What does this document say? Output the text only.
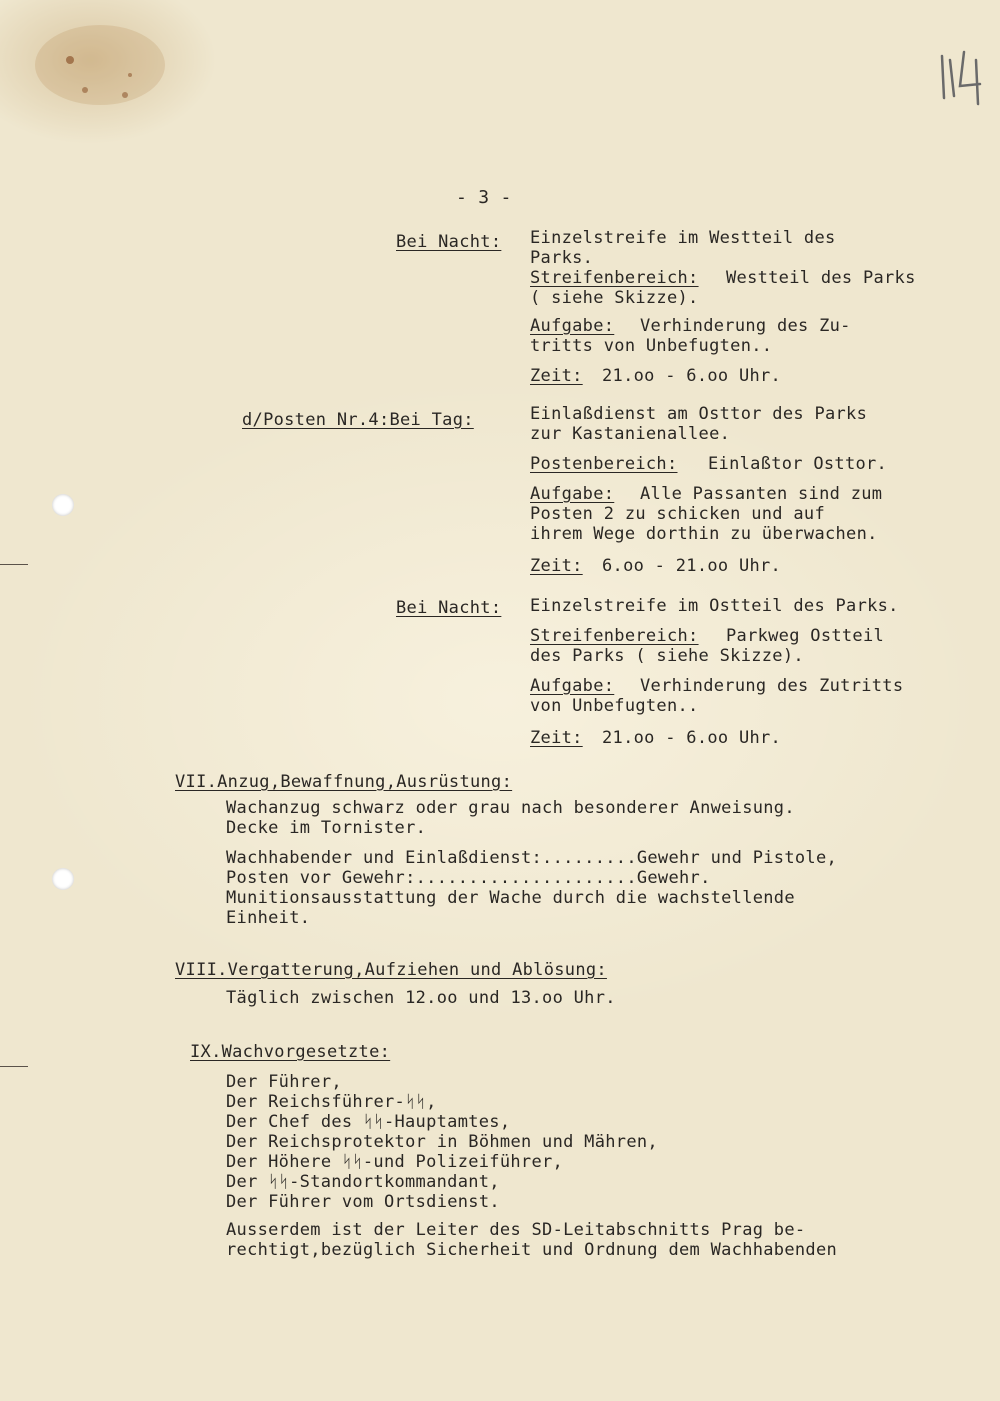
- 3 -
Bei Nacht: Einzelstreife im Westteil des
Parks.
Streifenbereich: Westteil des Parks
( siehe Skizze).
Aufgabe: Verhinderung des Zu-
tritts von Unbefugten..
Zeit: 21.oo - 6.oo Uhr.
d/Posten Nr.4:Bei Tag:	Einlaßdienst am Osttor des Parks
zur Kastanienallee.
Postenbereich: Einlaßtor Osttor.
Aufgabe: Alle Passanten sind zum
Posten 2 zu schicken und auf
ihrem Wege dorthin zu überwachen.
Zeit: 6.oo - 21.oo Uhr.
Bei Nacht: Einzelstreife im Ostteil des Parks.
Streifenbereich: Parkweg Ostteil
des Parks ( siehe Skizze).
Aufgabe: Verhinderung des Zutritts
von Unbefugten..
Zeit: 21.oo - 6.oo Uhr.
VII.Anzug,Bewaffnung,Ausrüstung:
Wachanzug schwarz oder grau nach besonderer Anweisung.
Decke im Tornister.
Wachhabender und Einlaßdienst:.........Gewehr und Pistole,
Posten vor Gewehr:.....................Gewehr.
Munitionsausstattung der Wache durch die wachstellende
Einheit.
VIII.Vergatterung,Aufziehen und Ablösung:
Täglich zwischen 12.oo und 13.oo Uhr.
IX.Wachvorgesetzte:
Der Führer,
Der Reichsführer-ᛋᛋ,
Der Chef des ᛋᛋ-Hauptamtes,
Der Reichsprotektor in Böhmen und Mähren,
Der Höhere ᛋᛋ-und Polizeiführer,
Der ᛋᛋ-Standortkommandant,
Der Führer vom Ortsdienst.
Ausserdem ist der Leiter des SD-Leitabschnitts Prag be-
rechtigt,bezüglich Sicherheit und Ordnung dem Wachhabenden
